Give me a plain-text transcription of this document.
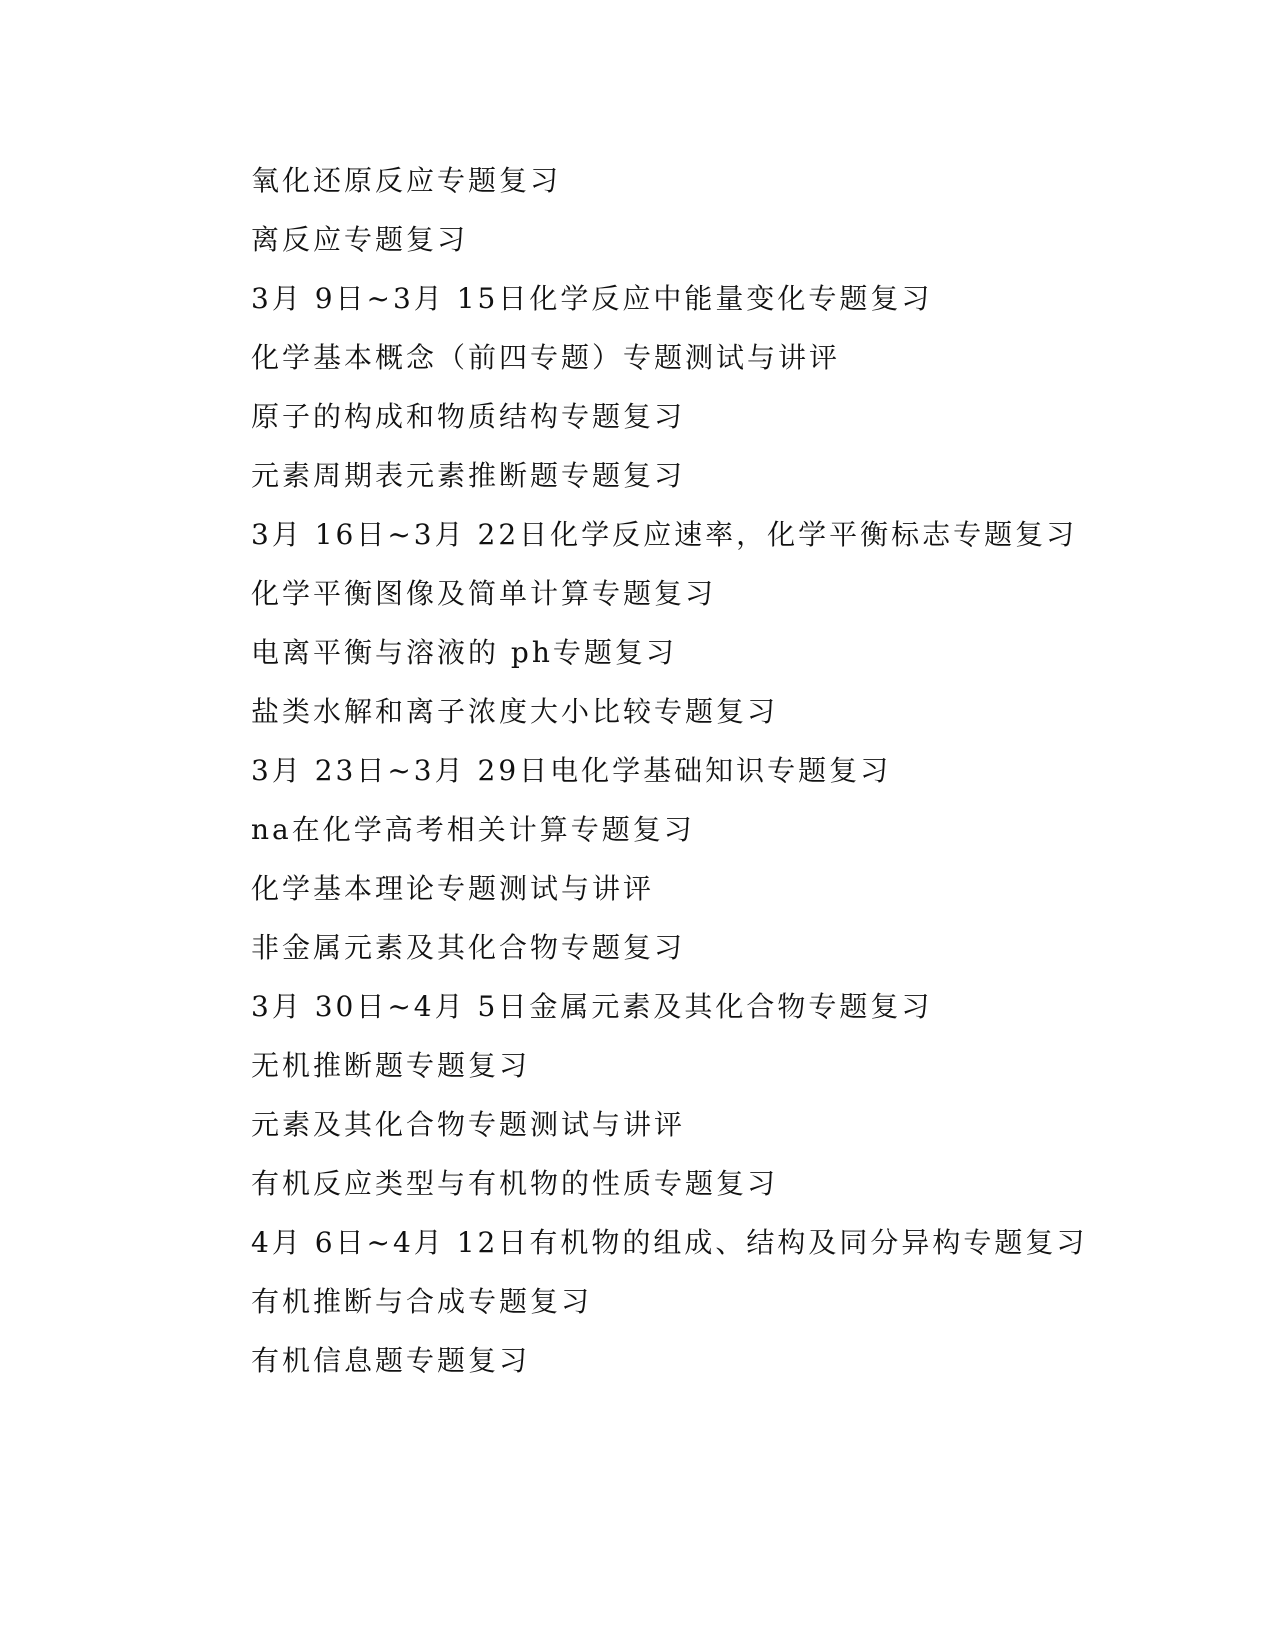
氧化还原反应专题复习
离反应专题复习
3月 9日~3月 15日化学反应中能量变化专题复习
化学基本概念（前四专题）专题测试与讲评
原子的构成和物质结构专题复习
元素周期表元素推断题专题复习
3月 16日~3月 22日化学反应速率，化学平衡标志专题复习
化学平衡图像及简单计算专题复习
电离平衡与溶液的 ph专题复习
盐类水解和离子浓度大小比较专题复习
3月 23日~3月 29日电化学基础知识专题复习
na在化学高考相关计算专题复习
化学基本理论专题测试与讲评
非金属元素及其化合物专题复习
3月 30日~4月 5日金属元素及其化合物专题复习
无机推断题专题复习
元素及其化合物专题测试与讲评
有机反应类型与有机物的性质专题复习
4月 6日~4月 12日有机物的组成、结构及同分异构专题复习
有机推断与合成专题复习
有机信息题专题复习
